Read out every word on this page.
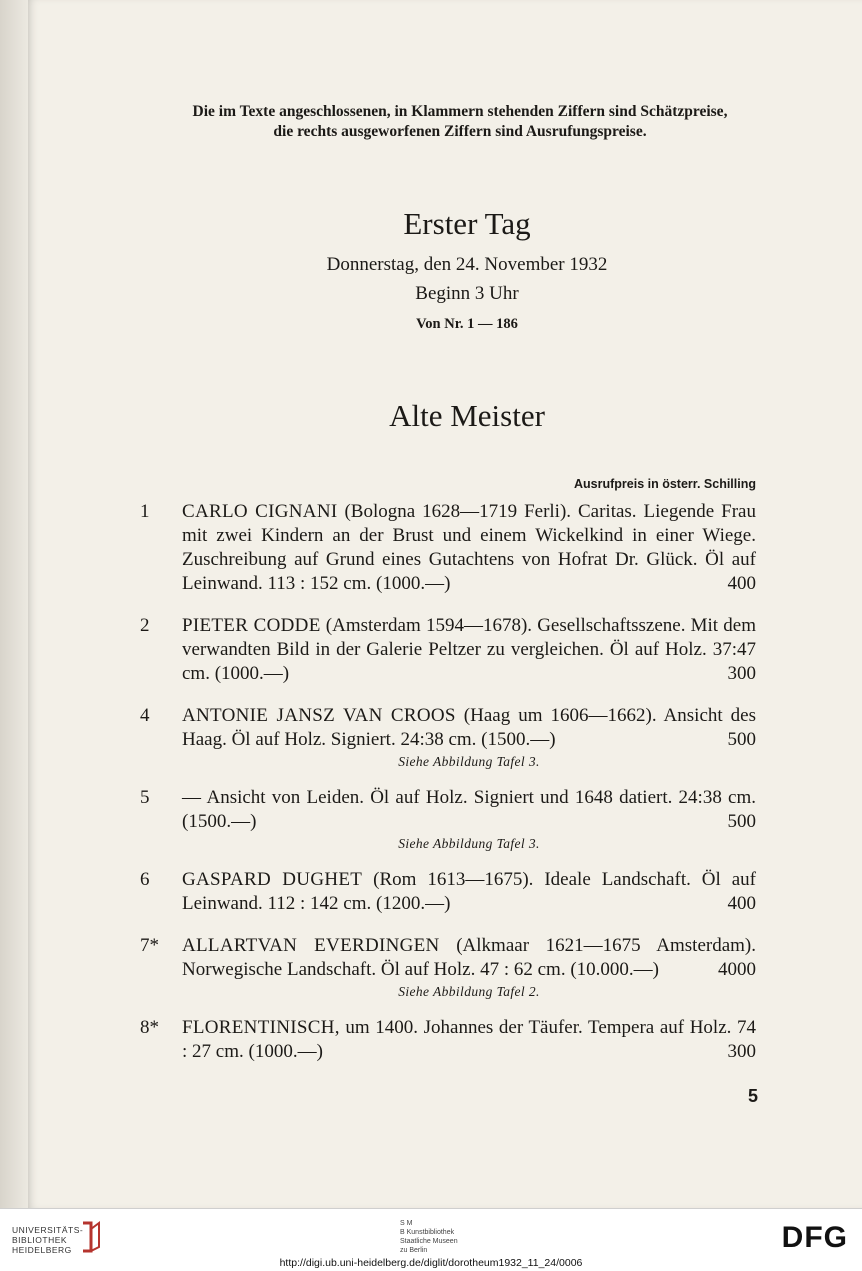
Die im Texte angeschlossenen, in Klammern stehenden Ziffern sind Schätzpreise,
die rechts ausgeworfenen Ziffern sind Ausrufungspreise.
Erster Tag
Donnerstag, den 24. November 1932
Beginn 3 Uhr
Von Nr. 1 — 186
Alte Meister
Ausrufpreis in österr. Schilling
1	CARLO CIGNANI (Bologna 1628—1719 Ferli). Caritas. Liegende Frau mit zwei Kindern an der Brust und einem Wickelkind in einer Wiege. Zuschreibung auf Grund eines Gutachtens von Hofrat Dr. Glück. Öl auf Leinwand. 113 : 152 cm. (1000.—)	400
2	PIETER CODDE (Amsterdam 1594—1678). Gesellschaftsszene. Mit dem verwandten Bild in der Galerie Peltzer zu vergleichen. Öl auf Holz. 37:47 cm. (1000.—)	300
4	ANTONIE JANSZ VAN CROOS (Haag um 1606—1662). Ansicht des Haag. Öl auf Holz. Signiert. 24:38 cm. (1500.—)	500
Siehe Abbildung Tafel 3.
5	— Ansicht von Leiden. Öl auf Holz. Signiert und 1648 datiert. 24:38 cm. (1500.—)	500
Siehe Abbildung Tafel 3.
6	GASPARD DUGHET (Rom 1613—1675). Ideale Landschaft. Öl auf Leinwand. 112 : 142 cm. (1200.—)	400
7*	ALLARTVAN EVERDINGEN (Alkmaar 1621—1675 Amsterdam). Norwegische Landschaft. Öl auf Holz. 47 : 62 cm. (10.000.—)	4000
Siehe Abbildung Tafel 2.
8*	FLORENTINISCH, um 1400. Johannes der Täufer. Tempera auf Holz. 74 : 27 cm. (1000.—)	300
5
UNIVERSITÄTS-
BIBLIOTHEK
HEIDELBERG
S M
B Kunstbibliothek
Staatliche Museen
zu Berlin	DFG
http://digi.ub.uni-heidelberg.de/diglit/dorotheum1932_11_24/0006
